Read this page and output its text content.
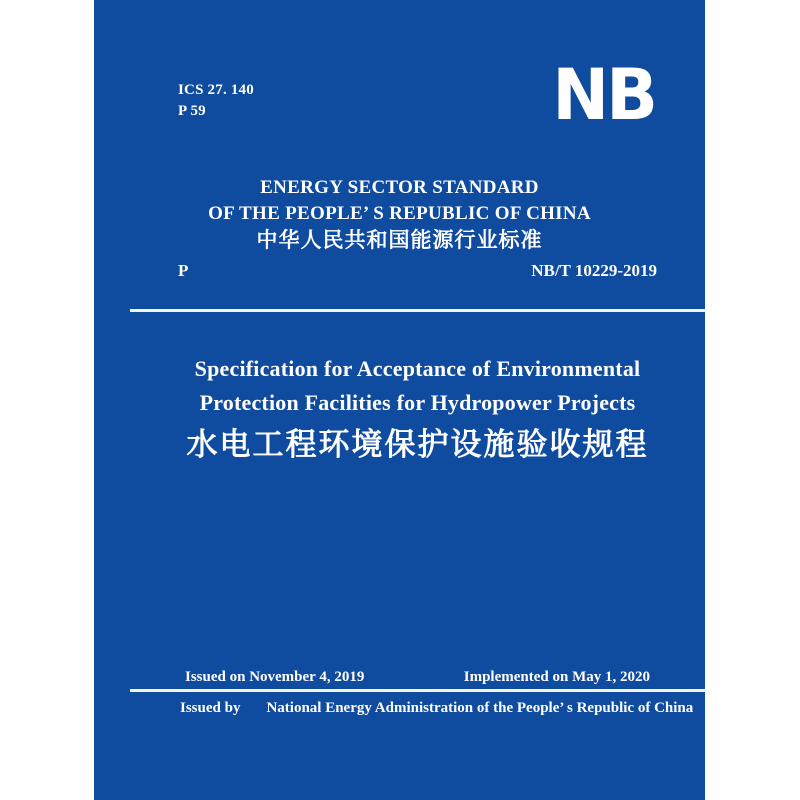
ICS 27. 140
P 59	NB

ENERGY SECTOR STANDARD

OF THE PEOPLE’ S REPUBLIC OF CHINA

中华人民共和国能源行业标准

P	NB/T 10229-2019

Specification for Acceptance of Environmental

Protection Facilities for Hydropower Projects

水电工程环境保护设施验收规程

Issued on November 4, 2019	Implemented on May 1, 2020
Issued by National Energy Administration of the People’ s Republic of China
